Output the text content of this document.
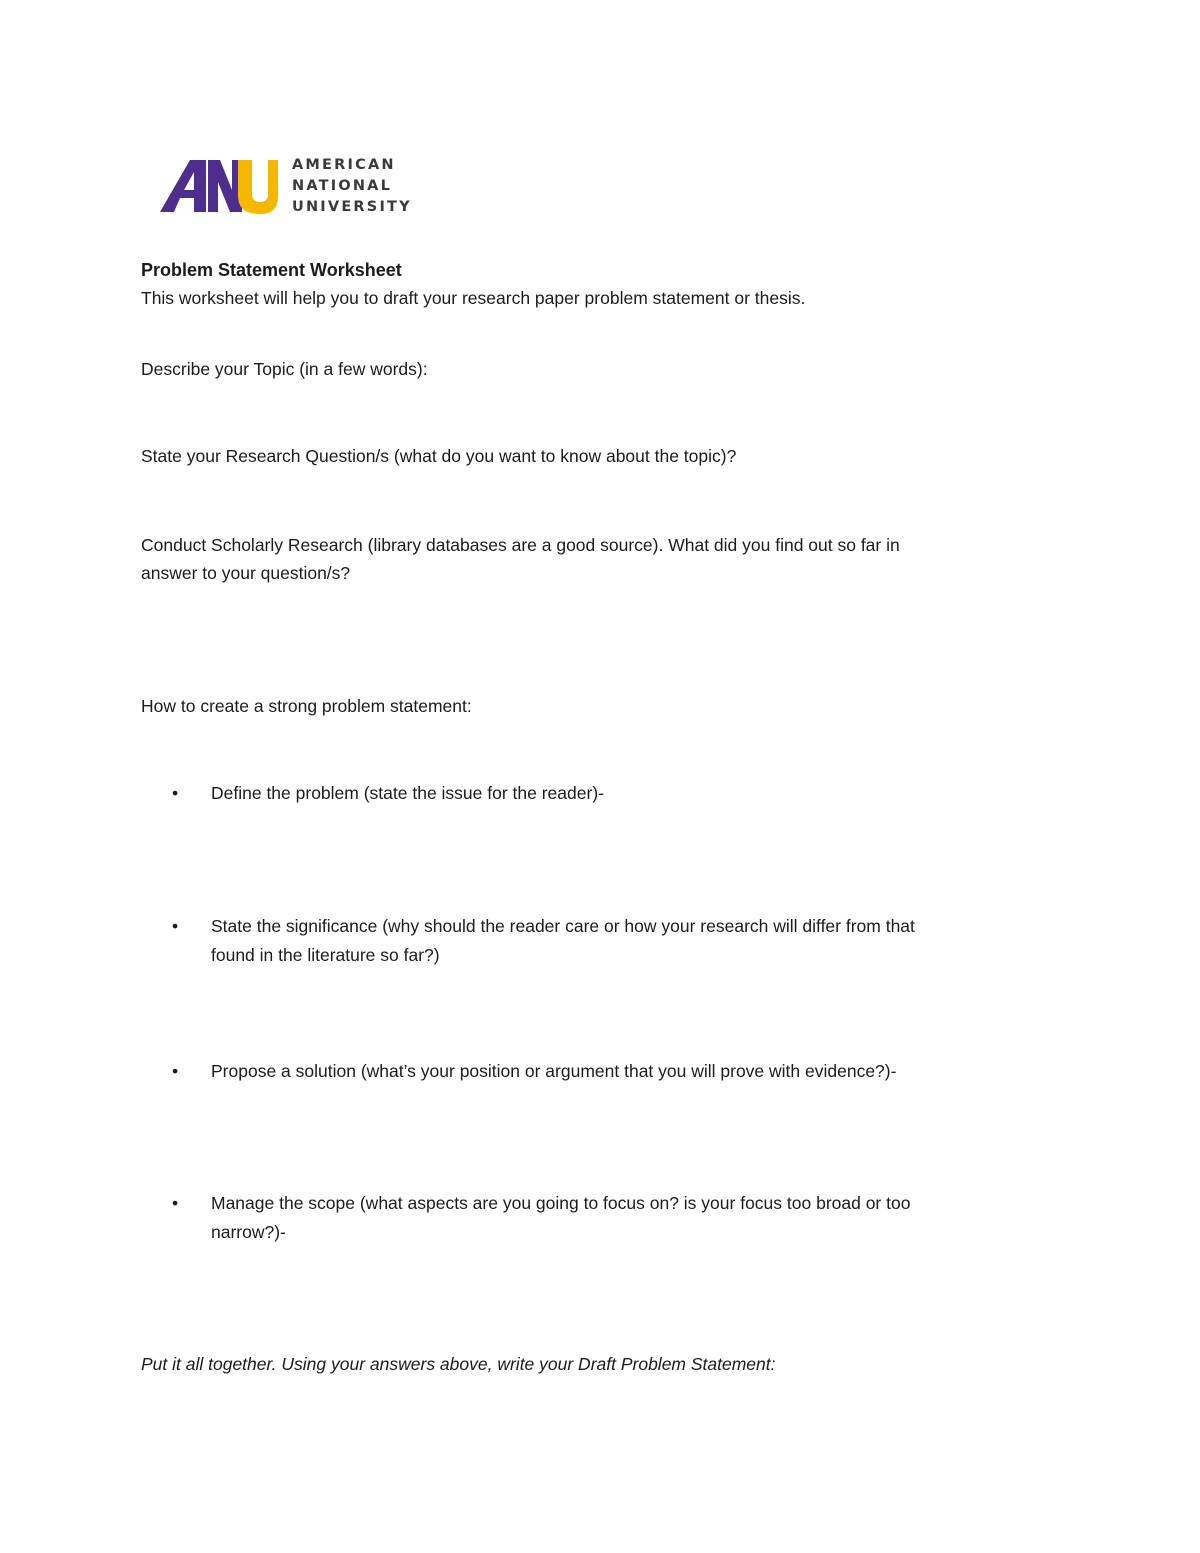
AMERICAN
NATIONAL
UNIVERSITY
Problem Statement Worksheet
This worksheet will help you to draft your research paper problem statement or thesis.
Describe your Topic (in a few words):
State your Research Question/s (what do you want to know about the topic)?
Conduct Scholarly Research (library databases are a good source). What did you find out so far in
answer to your question/s?
How to create a strong problem statement:
•	Define the problem (state the issue for the reader)-
•	State the significance (why should the reader care or how your research will differ from that
found in the literature so far?)
•	Propose a solution (what’s your position or argument that you will prove with evidence?)-
•	Manage the scope (what aspects are you going to focus on? is your focus too broad or too
narrow?)-
Put it all together. Using your answers above, write your Draft Problem Statement:
